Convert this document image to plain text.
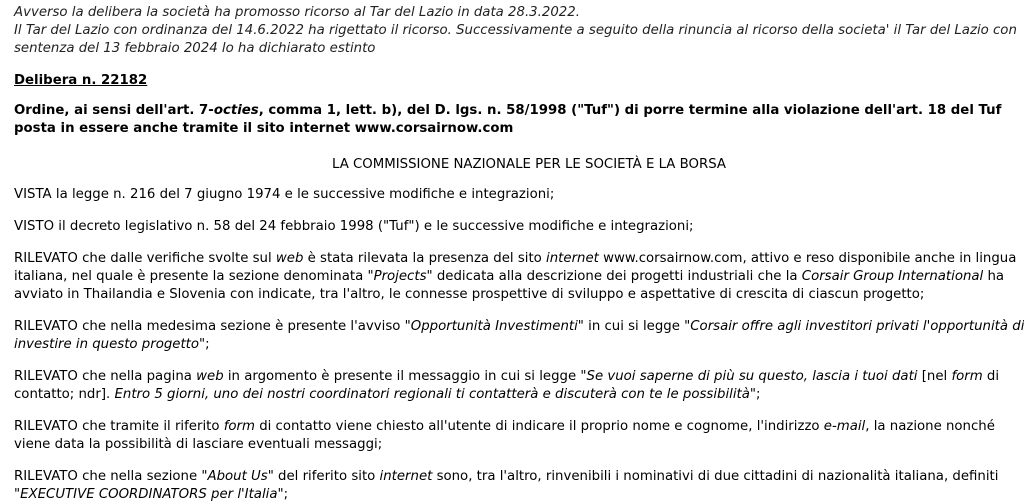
Avverso la delibera la società ha promosso ricorso al Tar del Lazio in data 28.3.2022.

Il Tar del Lazio con ordinanza del 14.6.2022 ha rigettato il ricorso. Successivamente a seguito della rinuncia al ricorso della societa' il Tar del Lazio con

sentenza del 13 febbraio 2024 lo ha dichiarato estinto

Delibera n. 22182

Ordine, ai sensi dell'art. 7-octies, comma 1, lett. b), del D. lgs. n. 58/1998 ("Tuf") di porre termine alla violazione dell'art. 18 del Tuf

posta in essere anche tramite il sito internet www.corsairnow.com

LA COMMISSIONE NAZIONALE PER LE SOCIETÀ E LA BORSA

VISTA la legge n. 216 del 7 giugno 1974 e le successive modifiche e integrazioni;

VISTO il decreto legislativo n. 58 del 24 febbraio 1998 ("Tuf") e le successive modifiche e integrazioni;

RILEVATO che dalle verifiche svolte sul web è stata rilevata la presenza del sito internet www.corsairnow.com, attivo e reso disponibile anche in lingua

italiana, nel quale è presente la sezione denominata "Projects" dedicata alla descrizione dei progetti industriali che la Corsair Group International ha

avviato in Thailandia e Slovenia con indicate, tra l'altro, le connesse prospettive di sviluppo e aspettative di crescita di ciascun progetto;

RILEVATO che nella medesima sezione è presente l'avviso "Opportunità Investimenti" in cui si legge "Corsair offre agli investitori privati l'opportunità di

investire in questo progetto";

RILEVATO che nella pagina web in argomento è presente il messaggio in cui si legge "Se vuoi saperne di più su questo, lascia i tuoi dati [nel form di

contatto; ndr]. Entro 5 giorni, uno dei nostri coordinatori regionali ti contatterà e discuterà con te le possibilità";

RILEVATO che tramite il riferito form di contatto viene chiesto all'utente di indicare il proprio nome e cognome, l'indirizzo e-mail, la nazione nonché

viene data la possibilità di lasciare eventuali messaggi;

RILEVATO che nella sezione "About Us" del riferito sito internet sono, tra l'altro, rinvenibili i nominativi di due cittadini di nazionalità italiana, definiti

"EXECUTIVE COORDINATORS per l'Italia";
